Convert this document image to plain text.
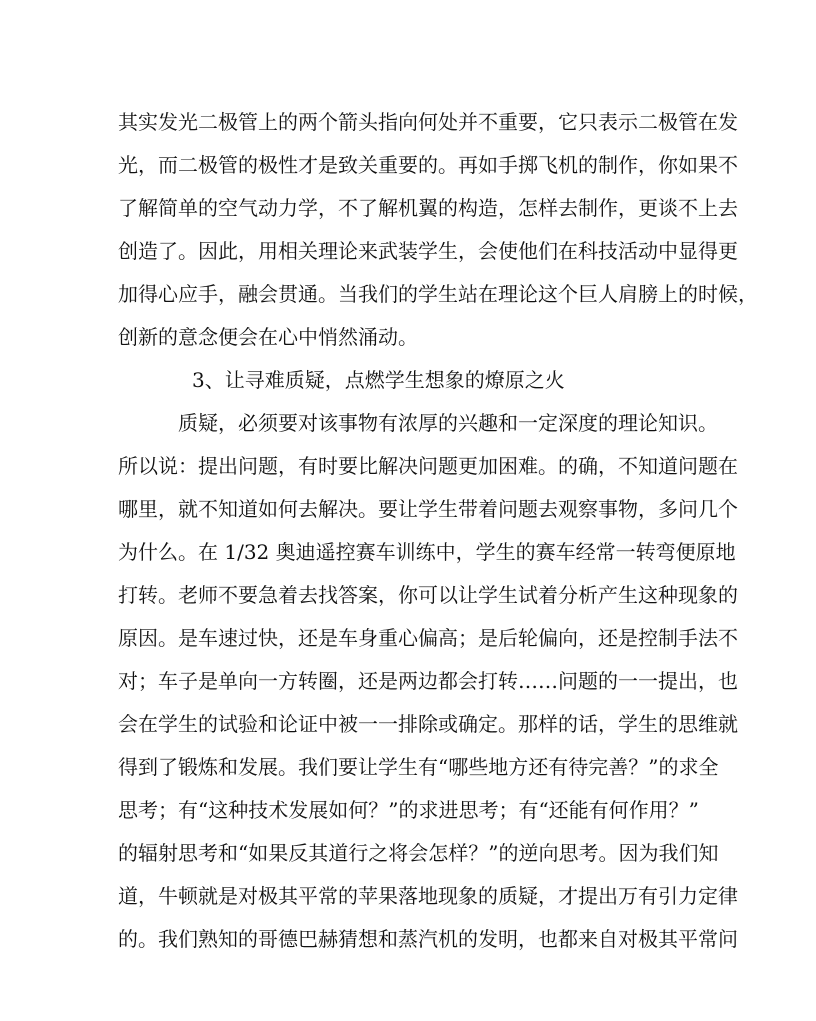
其实发光二极管上的两个箭头指向何处并不重要，它只表示二极管在发
光，而二极管的极性才是致关重要的。再如手掷飞机的制作，你如果不
了解简单的空气动力学，不了解机翼的构造，怎样去制作，更谈不上去
创造了。因此，用相关理论来武装学生，会使他们在科技活动中显得更
加得心应手，融会贯通。当我们的学生站在理论这个巨人肩膀上的时候，
创新的意念便会在心中悄然涌动。
3、让寻难质疑，点燃学生想象的燎原之火
质疑，必须要对该事物有浓厚的兴趣和一定深度的理论知识。
所以说：提出问题，有时要比解决问题更加困难。的确，不知道问题在
哪里，就不知道如何去解决。要让学生带着问题去观察事物，多问几个
为什么。在 1/32 奥迪遥控赛车训练中，学生的赛车经常一转弯便原地
打转。老师不要急着去找答案，你可以让学生试着分析产生这种现象的
原因。是车速过快，还是车身重心偏高；是后轮偏向，还是控制手法不
对；车子是单向一方转圈，还是两边都会打转……问题的一一提出，也
会在学生的试验和论证中被一一排除或确定。那样的话，学生的思维就
得到了锻炼和发展。我们要让学生有“哪些地方还有待完善？”的求全
思考；有“这种技术发展如何？”的求进思考；有“还能有何作用？”
的辐射思考和“如果反其道行之将会怎样？”的逆向思考。因为我们知
道，牛顿就是对极其平常的苹果落地现象的质疑，才提出万有引力定律
的。我们熟知的哥德巴赫猜想和蒸汽机的发明，也都来自对极其平常问
